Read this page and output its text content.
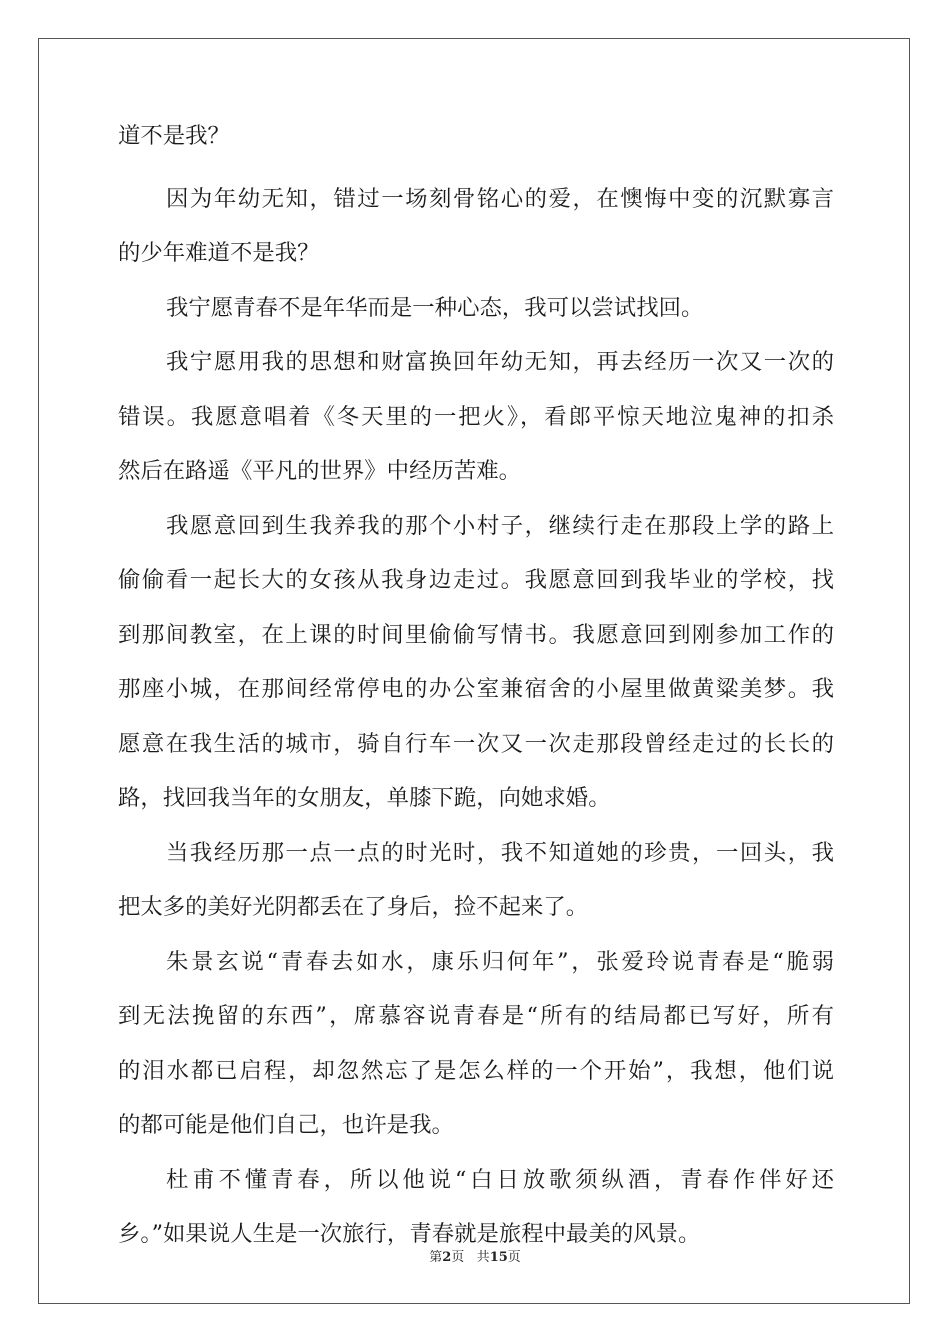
道不是我？
因为年幼无知，错过一场刻骨铭心的爱，在懊悔中变的沉默寡言
的少年难道不是我？
我宁愿青春不是年华而是一种心态，我可以尝试找回。
我宁愿用我的思想和财富换回年幼无知，再去经历一次又一次的
错误。我愿意唱着《冬天里的一把火》，看郎平惊天地泣鬼神的扣杀
然后在路遥《平凡的世界》中经历苦难。
我愿意回到生我养我的那个小村子，继续行走在那段上学的路上
偷偷看一起长大的女孩从我身边走过。我愿意回到我毕业的学校，找
到那间教室，在上课的时间里偷偷写情书。我愿意回到刚参加工作的
那座小城，在那间经常停电的办公室兼宿舍的小屋里做黄粱美梦。我
愿意在我生活的城市，骑自行车一次又一次走那段曾经走过的长长的
路，找回我当年的女朋友，单膝下跪，向她求婚。
当我经历那一点一点的时光时，我不知道她的珍贵，一回头，我
把太多的美好光阴都丢在了身后，捡不起来了。
朱景玄说“青春去如水，康乐归何年”，张爱玲说青春是“脆弱
到无法挽留的东西”，席慕容说青春是“所有的结局都已写好，所有
的泪水都已启程，却忽然忘了是怎么样的一个开始”，我想，他们说
的都可能是他们自己，也许是我。
杜甫不懂青春，所以他说“白日放歌须纵酒，青春作伴好还
乡。”如果说人生是一次旅行，青春就是旅程中最美的风景。
第2页 共15页
